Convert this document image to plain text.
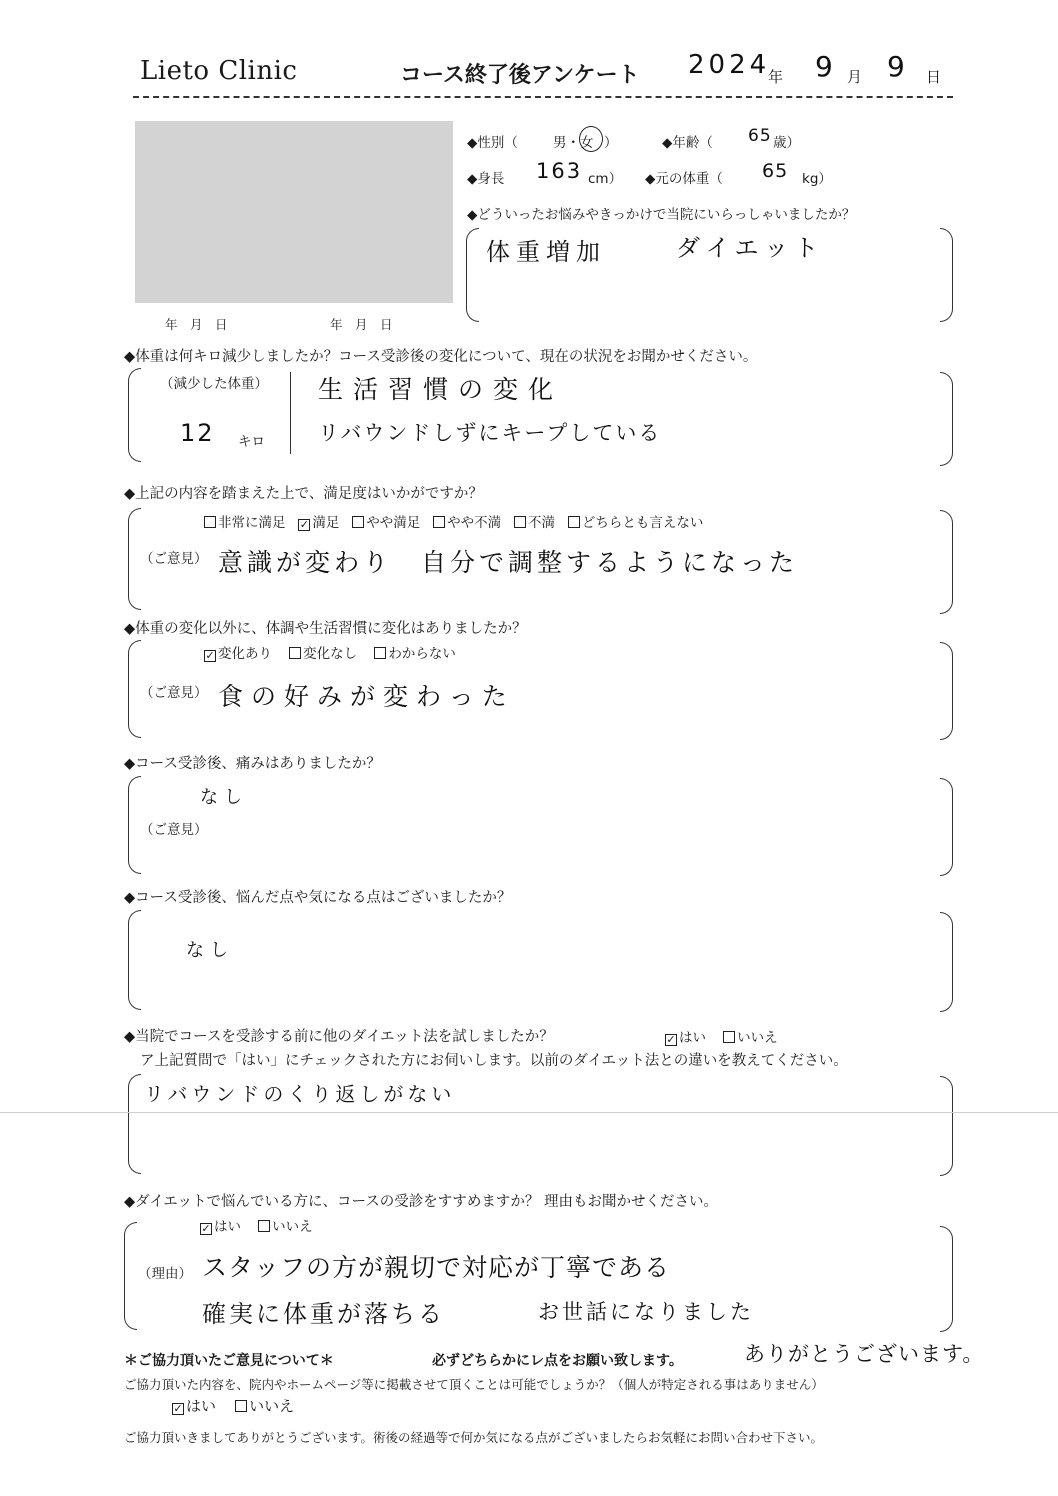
Lieto Clinic	コース終了後アンケート 2024
年 9 月 9 日
年　月　日	年　月　日
◆性別（	男・女 ）	◆年齢（ 65 歳）
◆身長 163 cm） ◆元の体重（ 65 kg）
◆どういったお悩みやきっかけで当院にいらっしゃいましたか？
体重増加	ダイエット
◆体重は何キロ減少しましたか？コース受診後の変化について、現在の状況をお聞かせください。
（減少した体重）
12 キロ
生活習慣の変化
リバウンドしずにキープしている
◆上記の内容を踏まえた上で、満足度はいかがですか？
非常に満足 ✓ 満足 やや満足 やや不満 不満 どちらとも言えない
（ご意見） 意識が変わり　自分で調整するようになった
◆体重の変化以外に、体調や生活習慣に変化はありましたか？
✓ 変化あり 変化なし わからない
（ご意見） 食の好みが変わった
◆コース受診後、痛みはありましたか？
なし
（ご意見）
◆コース受診後、悩んだ点や気になる点はございましたか？
なし
◆当院でコースを受診する前に他のダイエット法を試しましたか？	✓ はい いいえ
ア上記質問で「はい」にチェックされた方にお伺いします。以前のダイエット法との違いを教えてください。
リバウンドのくり返しがない
◆ダイエットで悩んでいる方に、コースの受診をすすめますか？ 理由もお聞かせください。
✓ はい いいえ
（理由） スタッフの方が親切で対応が丁寧である
確実に体重が落ちる	お世話になりました
＊ご協力頂いたご意見について＊	必ずどちらかにレ点をお願い致します。	ありがとうございます。
ご協力頂いた内容を、院内やホームページ等に掲載させて頂くことは可能でしょうか？（個人が特定される事はありません）
✓ はい いいえ
ご協力頂いきましてありがとうございます。術後の経過等で何か気になる点がございましたらお気軽にお問い合わせ下さい。
